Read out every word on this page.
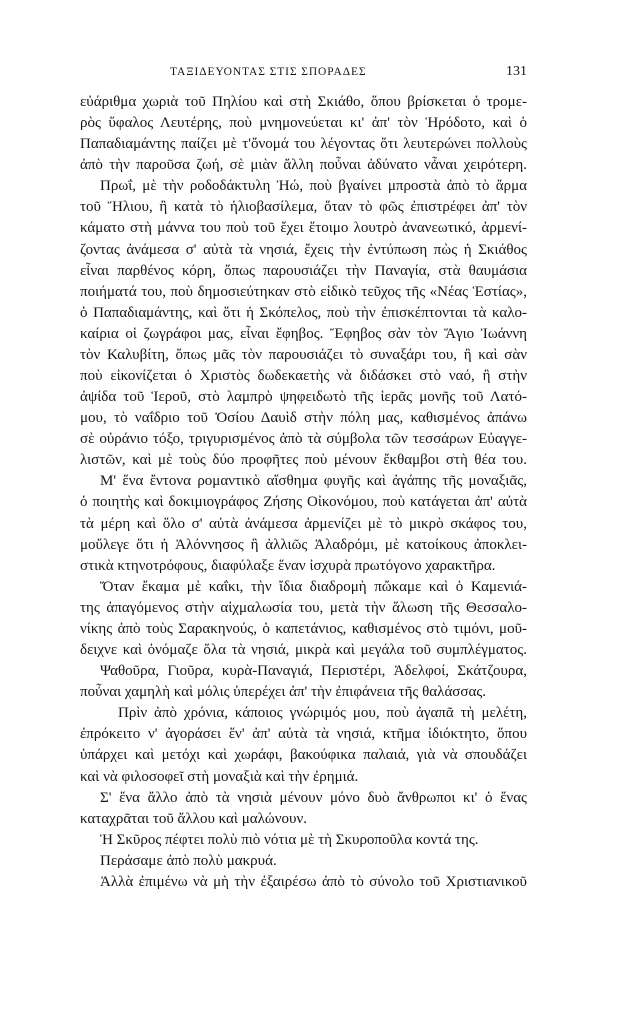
ΤΑΞΙΔΕΥΟΝΤΑΣ ΣΤΙΣ ΣΠΟΡΑΔΕΣ	131
εὐάριθμα χωριὰ τοῦ Πηλίου καὶ στὴ Σκιάθο, ὅπου βρίσκεται ὁ τρομε-
ρὸς ὕφαλος Λευτέρης, ποὺ μνημονεύεται κι' ἀπ' τὸν Ἡρόδοτο, καὶ ὁ
Παπαδιαμάντης παίζει μὲ τ'ὄνομά του λέγοντας ὅτι λευτερώνει πολλοὺς
ἀπὸ τὴν παροῦσα ζωή, σὲ μιὰν ἄλλη ποὖναι ἀδύνατο νἆναι χειρότερη.
Πρωΐ, μὲ τὴν ροδοδάκτυλη Ἠώ, ποὺ βγαίνει μπροστὰ ἀπὸ τὸ ἅρμα
τοῦ Ἥλιου, ἢ κατὰ τὸ ἡλιοβασίλεμα, ὅταν τὸ φῶς ἐπιστρέφει ἀπ' τὸν
κάματο στὴ μάννα του ποὺ τοῦ ἔχει ἕτοιμο λουτρὸ ἀνανεωτικό, ἀρμενί-
ζοντας ἀνάμεσα σ' αὐτὰ τὰ νησιά, ἔχεις τὴν ἐντύπωση πὼς ἡ Σκιάθος
εἶναι παρθένος κόρη, ὅπως παρουσιάζει τὴν Παναγία, στὰ θαυμάσια
ποιήματά του, ποὺ δημοσιεύτηκαν στὸ εἰδικὸ τεῦχος τῆς «Νέας Ἑστίας»,
ὁ Παπαδιαμάντης, καὶ ὅτι ἡ Σκόπελος, ποὺ τὴν ἐπισκέπτονται τὰ καλο-
καίρια οἱ ζωγράφοι μας, εἶναι ἔφηβος. Ἔφηβος σὰν τὸν Ἅγιο Ἰωάννη
τὸν Καλυβίτη, ὅπως μᾶς τὸν παρουσιάζει τὸ συναξάρι του, ἢ καὶ σὰν
ποὺ εἰκονίζεται ὁ Χριστὸς δωδεκαετὴς νὰ διδάσκει στὸ ναό, ἢ στὴν
ἀψίδα τοῦ Ἱεροῦ, στὸ λαμπρὸ ψηφειδωτὸ τῆς ἱερᾶς μονῆς τοῦ Λατό-
μου, τὸ ναΐδριο τοῦ Ὁσίου Δαυὶδ στὴν πόλη μας, καθισμένος ἀπάνω
σὲ οὐράνιο τόξο, τριγυρισμένος ἀπὸ τὰ σύμβολα τῶν τεσσάρων Εὐαγγε-
λιστῶν, καὶ μὲ τοὺς δύο προφῆτες ποὺ μένουν ἔκθαμβοι στὴ θέα του.
Μ' ἕνα ἔντονα ρομαντικὸ αἴσθημα φυγῆς καὶ ἀγάπης τῆς μοναξιᾶς,
ὁ ποιητὴς καὶ δοκιμιογράφος Ζήσης Οἰκονόμου, ποὺ κατάγεται ἀπ' αὐτὰ
τὰ μέρη καὶ ὅλο σ' αὐτὰ ἀνάμεσα ἀρμενίζει μὲ τὸ μικρὸ σκάφος του,
μοὔλεγε ὅτι ἡ Ἀλόννησος ἢ ἀλλιῶς Ἀλαδρόμι, μὲ κατοίκους ἀποκλει-
στικὰ κτηνοτρόφους, διαφύλαξε ἕναν ἰσχυρὰ πρωτόγονο χαρακτῆρα.
Ὅταν ἔκαμα μὲ καΐκι, τὴν ἴδια διαδρομὴ πὤκαμε καὶ ὁ Καμενιά-
της ἀπαγόμενος στὴν αἰχμαλωσία του, μετὰ τὴν ἅλωση τῆς Θεσσαλο-
νίκης ἀπὸ τοὺς Σαρακηνούς, ὁ καπετάνιος, καθισμένος στὸ τιμόνι, μοῦ-
δειχνε καὶ ὀνόμαζε ὅλα τὰ νησιά, μικρὰ καὶ μεγάλα τοῦ συμπλέγματος.
Ψαθοῦρα, Γιοῦρα, κυρὰ-Παναγιά, Περιστέρι, Ἀδελφοί, Σκάτζουρα,
ποὖναι χαμηλὴ καὶ μόλις ὑπερέχει ἀπ' τὴν ἐπιφάνεια τῆς θαλάσσας.
Πρὶν ἀπὸ χρόνια, κάποιος γνώριμός μου, ποὺ ἀγαπᾶ τὴ μελέτη,
ἐπρόκειτο ν' ἀγοράσει ἕν' ἀπ' αὐτὰ τὰ νησιά, κτῆμα ἰδιόκτητο, ὅπου
ὑπάρχει καὶ μετόχι καὶ χωράφι, βακούφικα παλαιά, γιὰ νὰ σπουδάζει
καὶ νὰ φιλοσοφεῖ στὴ μοναξιὰ καὶ τὴν ἐρημιά.
Σ' ἕνα ἄλλο ἀπὸ τὰ νησιὰ μένουν μόνο δυὸ ἄνθρωποι κι' ὁ ἕνας
καταχρᾶται τοῦ ἄλλου καὶ μαλώνουν.
Ἡ Σκῦρος πέφτει πολὺ πιὸ νότια μὲ τὴ Σκυροποῦλα κοντά της.
Περάσαμε ἀπὸ πολὺ μακρυά.
Ἀλλὰ ἐπιμένω νὰ μὴ τὴν ἐξαιρέσω ἀπὸ τὸ σύνολο τοῦ Χριστιανικοῦ
